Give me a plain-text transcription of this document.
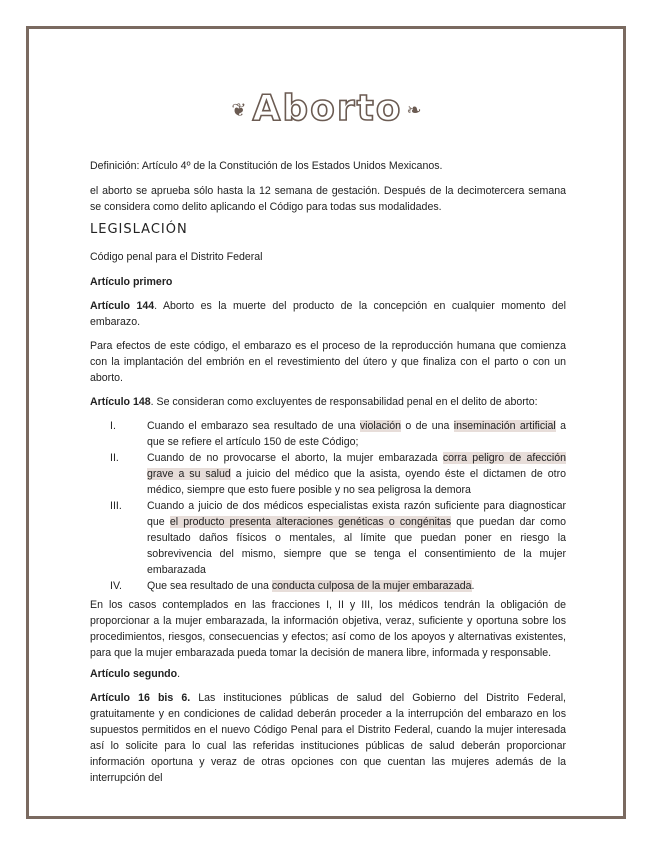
❦ Aborto ❧

Definición: Artículo 4º de la Constitución de los Estados Unidos Mexicanos.

el aborto se aprueba sólo hasta la 12 semana de gestación. Después de la decimotercera semana se considera como delito aplicando el Código para todas sus modalidades.

LEGISLACIÓN

Código penal para el Distrito Federal

Artículo primero

Artículo 144. Aborto es la muerte del producto de la concepción en cualquier momento del embarazo.

Para efectos de este código, el embarazo es el proceso de la reproducción humana que comienza con la implantación del embrión en el revestimiento del útero y que finaliza con el parto o con un aborto.

Artículo 148. Se consideran como excluyentes de responsabilidad penal en el delito de aborto:

I.	Cuando el embarazo sea resultado de una violación o de una inseminación artificial a que se refiere el artículo 150 de este Código;
II.	Cuando de no provocarse el aborto, la mujer embarazada corra peligro de afección grave a su salud a juicio del médico que la asista, oyendo éste el dictamen de otro médico, siempre que esto fuere posible y no sea peligrosa la demora
III. Cuando a juicio de dos médicos especialistas exista razón suficiente para diagnosticar que el producto presenta alteraciones genéticas o congénitas que puedan dar como resultado daños físicos o mentales, al límite que puedan poner en riesgo la sobrevivencia del mismo, siempre que se tenga el consentimiento de la mujer embarazada
IV. Que sea resultado de una conducta culposa de la mujer embarazada.

En los casos contemplados en las fracciones I, II y III, los médicos tendrán la obligación de proporcionar a la mujer embarazada, la información objetiva, veraz, suficiente y oportuna sobre los procedimientos, riesgos, consecuencias y efectos; así como de los apoyos y alternativas existentes, para que la mujer embarazada pueda tomar la decisión de manera libre, informada y responsable.

Artículo segundo.

Artículo 16 bis 6. Las instituciones públicas de salud del Gobierno del Distrito Federal, gratuitamente y en condiciones de calidad deberán proceder a la interrupción del embarazo en los supuestos permitidos en el nuevo Código Penal para el Distrito Federal, cuando la mujer interesada así lo solicite para lo cual las referidas instituciones públicas de salud deberán proporcionar información oportuna y veraz de otras opciones con que cuentan las mujeres además de la interrupción del
